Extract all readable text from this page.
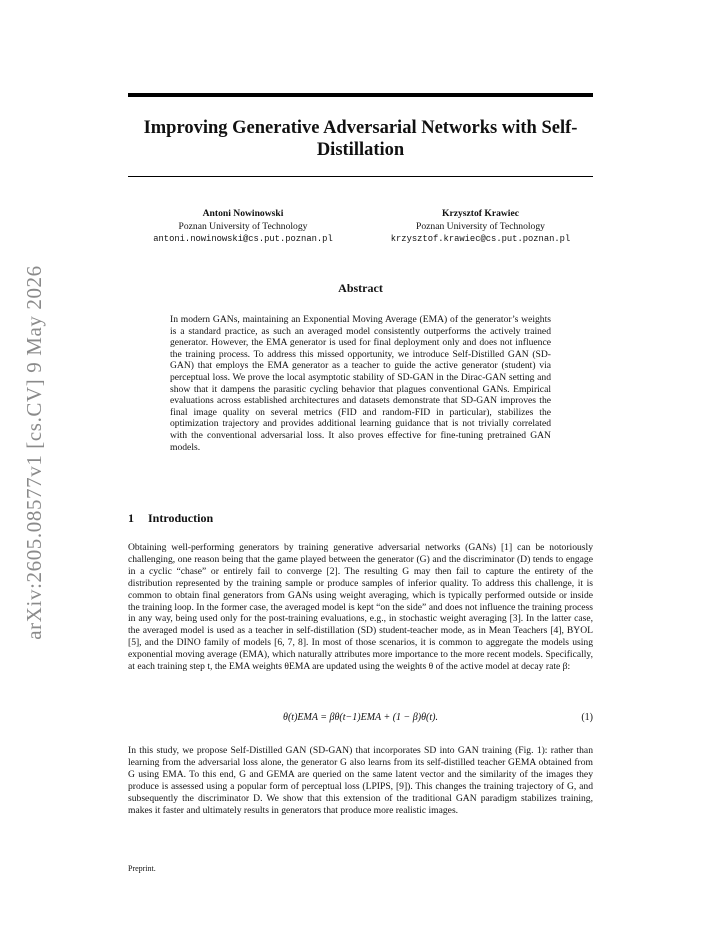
arXiv:2605.08577v1 [cs.CV] 9 May 2026
Improving Generative Adversarial Networks with Self-Distillation
Antoni Nowinowski
Poznan University of Technology
antoni.nowinowski@cs.put.poznan.pl
Krzysztof Krawiec
Poznan University of Technology
krzysztof.krawiec@cs.put.poznan.pl
Abstract
In modern GANs, maintaining an Exponential Moving Average (EMA) of the generator’s weights is a standard practice, as such an averaged model consistently outperforms the actively trained generator. However, the EMA generator is used for final deployment only and does not influence the training process. To address this missed opportunity, we introduce Self-Distilled GAN (SD-GAN) that employs the EMA generator as a teacher to guide the active generator (student) via perceptual loss. We prove the local asymptotic stability of SD-GAN in the Dirac-GAN setting and show that it dampens the parasitic cycling behavior that plagues conventional GANs. Empirical evaluations across established architectures and datasets demonstrate that SD-GAN improves the final image quality on several metrics (FID and random-FID in particular), stabilizes the optimization trajectory and provides additional learning guidance that is not trivially correlated with the conventional adversarial loss. It also proves effective for fine-tuning pretrained GAN models.
1 Introduction
Obtaining well-performing generators by training generative adversarial networks (GANs) [1] can be notoriously challenging, one reason being that the game played between the generator (G) and the discriminator (D) tends to engage in a cyclic “chase” or entirely fail to converge [2]. The resulting G may then fail to capture the entirety of the distribution represented by the training sample or produce samples of inferior quality. To address this challenge, it is common to obtain final generators from GANs using weight averaging, which is typically performed outside or inside the training loop. In the former case, the averaged model is kept “on the side” and does not influence the training process in any way, being used only for the post-training evaluations, e.g., in stochastic weight averaging [3]. In the latter case, the averaged model is used as a teacher in self-distillation (SD) student-teacher mode, as in Mean Teachers [4], BYOL [5], and the DINO family of models [6, 7, 8]. In most of those scenarios, it is common to aggregate the models using exponential moving average (EMA), which naturally attributes more importance to the more recent models. Specifically, at each training step t, the EMA weights θEMA are updated using the weights θ of the active model at decay rate β:
θ(t)EMA = βθ(t−1)EMA + (1 − β)θ(t).	(1)
In this study, we propose Self-Distilled GAN (SD-GAN) that incorporates SD into GAN training (Fig. 1): rather than learning from the adversarial loss alone, the generator G also learns from its self-distilled teacher GEMA obtained from G using EMA. To this end, G and GEMA are queried on the same latent vector and the similarity of the images they produce is assessed using a popular form of perceptual loss (LPIPS, [9]). This changes the training trajectory of G, and subsequently the discriminator D. We show that this extension of the traditional GAN paradigm stabilizes training, makes it faster and ultimately results in generators that produce more realistic images.
Preprint.
